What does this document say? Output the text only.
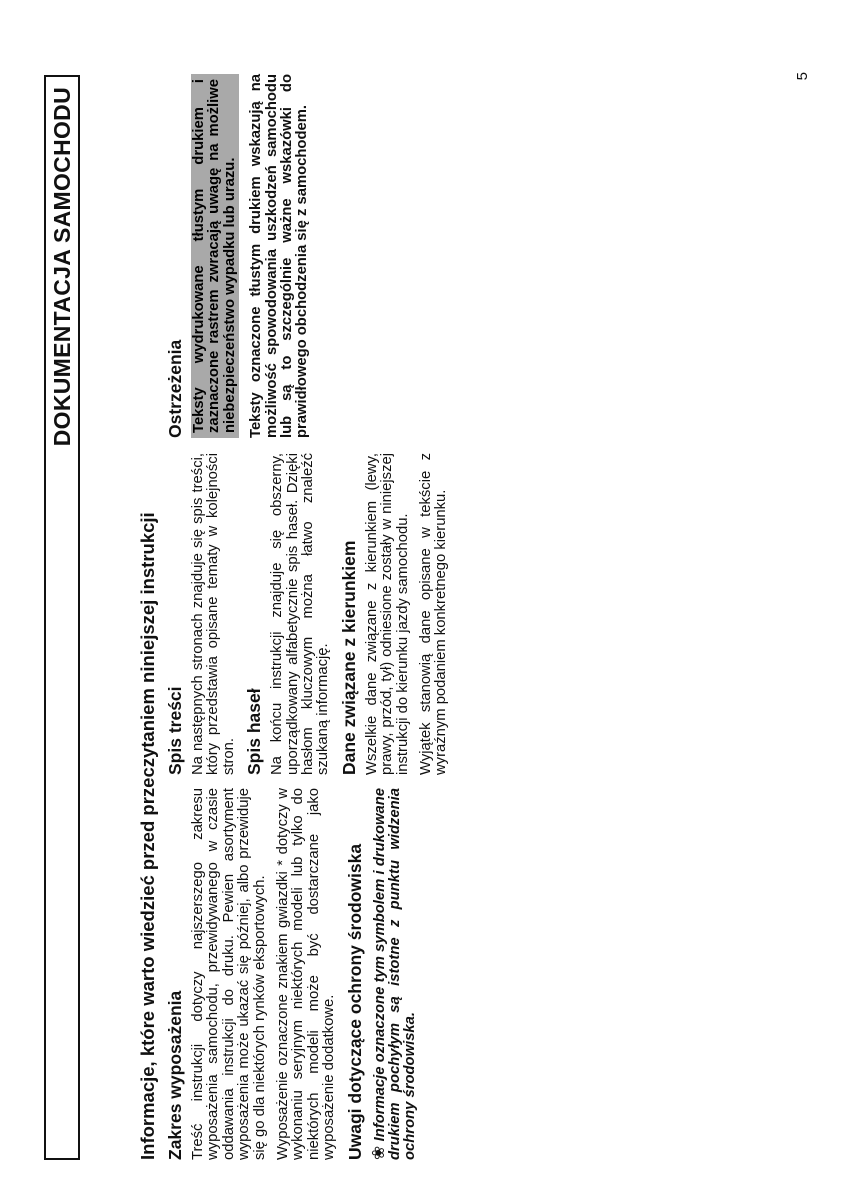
DOKUMENTACJA SAMOCHODU
Informacje, które warto wiedzieć przed przeczytaniem niniejszej instrukcji Zakres wyposażenia Treść instrukcji dotyczy najszerszego zakresu wyposażenia samochodu, przewidywanego w czasie oddawania instrukcji do druku. Pewien asortyment wyposażenia może ukazać się później, albo przewiduje się go dla niektórych rynków eksportowych. Wyposażenie oznaczone znakiem gwiazdki * dotyczy w wykonaniu seryjnym niektórych modeli lub tylko do niektórych modeli może być dostarczane jako wyposażenie dodatkowe. Uwagi dotyczące ochrony środowiska ❀ Informacje oznaczone tym symbolem i drukowane drukiem pochyłym są istotne z punktu widzenia ochrony środowiska.

Spis treści Na następnych stronach znajduje się spis treści, który przedstawia opisane tematy w kolejności stron. Spis haseł Na końcu instrukcji znajduje się obszerny, uporządkowany alfabetycznie spis haseł. Dzięki hasłom kluczowym można łatwo znaleźć szukaną informację. Dane związane z kierunkiem Wszelkie dane związane z kierunkiem (lewy, prawy, przód, tył) odniesione zostały w niniejszej instrukcji do kierunku jazdy samochodu. Wyjątek stanowią dane opisane w tekście z wyraźnym podaniem konkretnego kierunku.

Ostrzeżenia Teksty wydrukowane tłustym drukiem i zaznaczone rastrem zwracają uwagę na możliwe niebezpieczeństwo wypadku lub urazu. Teksty oznaczone tłustym drukiem wskazują na możliwość spowodowania uszkodzeń samochodu lub są to szczególnie ważne wskazówki do prawidłowego obchodzenia się z samochodem.

5
